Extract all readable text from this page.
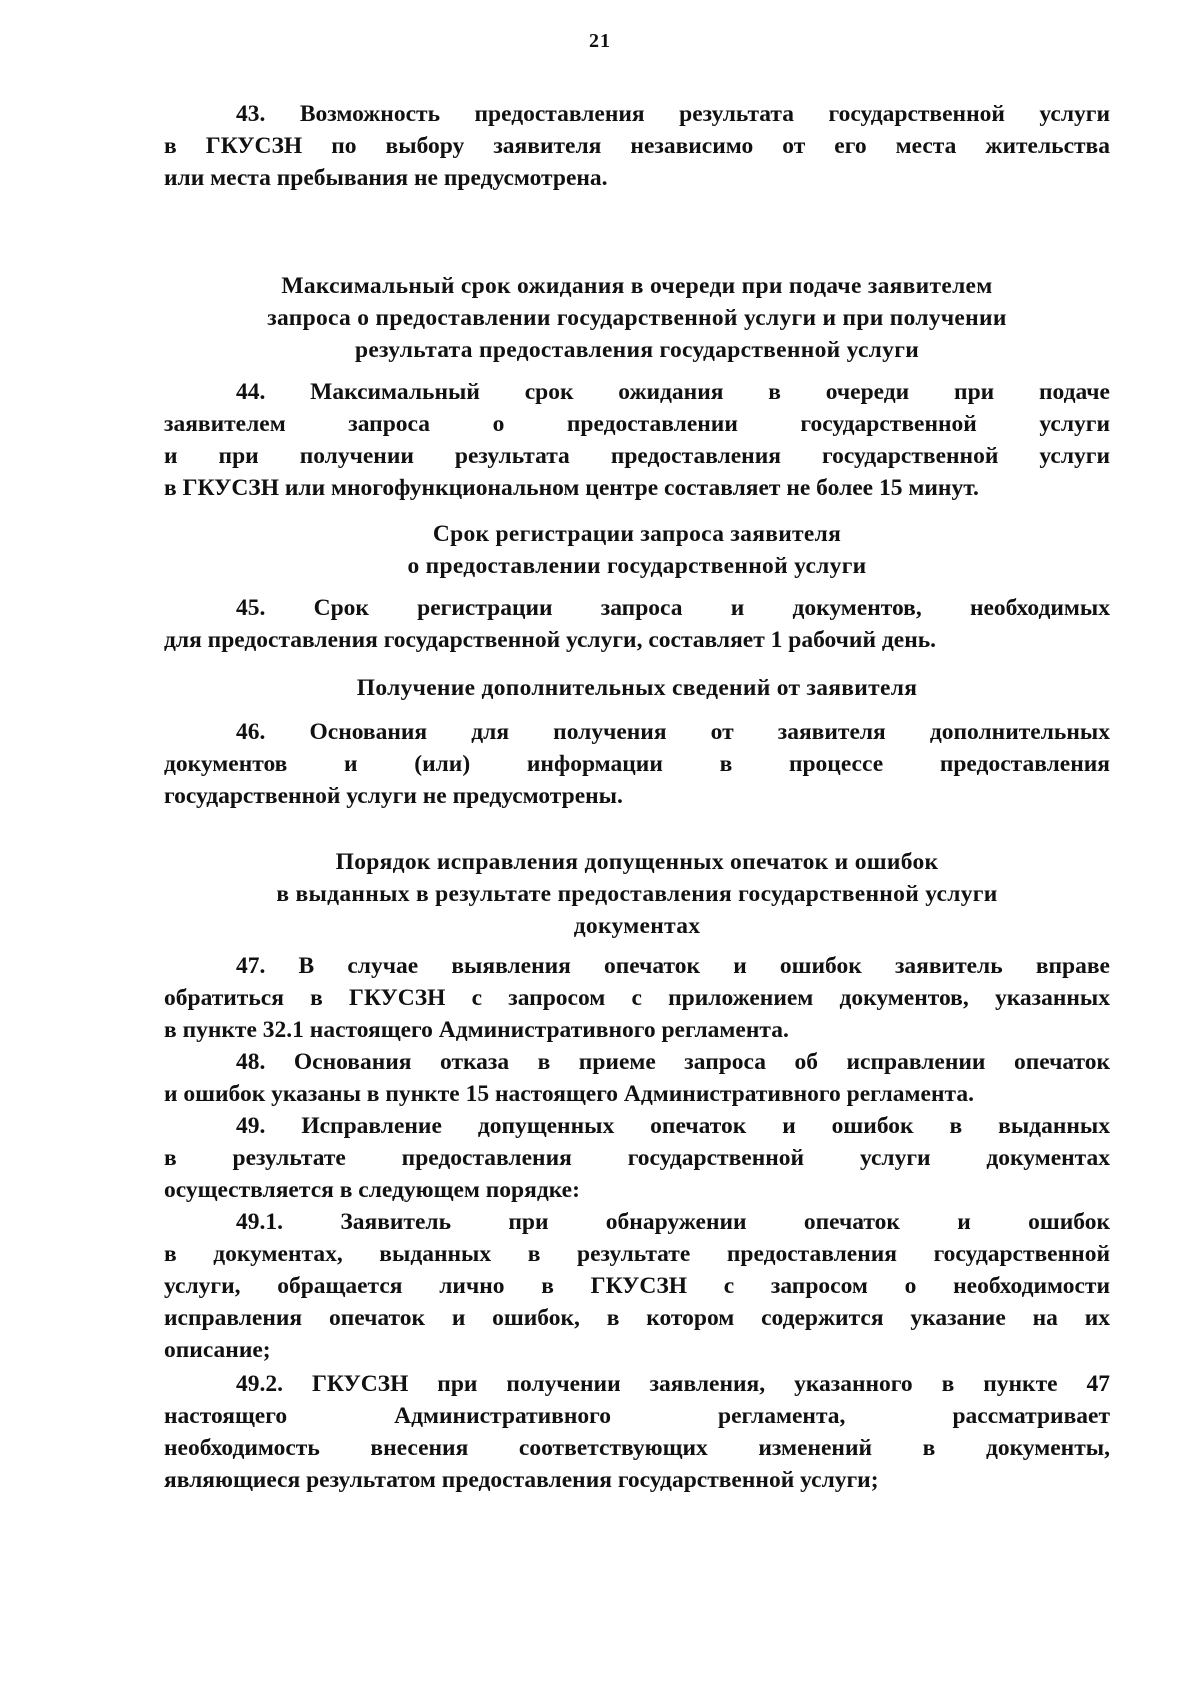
21
43. Возможность предоставления результата государственной услуги
в ГКУСЗН по выбору заявителя независимо от его места жительства
или места пребывания не предусмотрена.
Максимальный срок ожидания в очереди при подаче заявителем
запроса о предоставлении государственной услуги и при получении
результата предоставления государственной услуги
44. Максимальный срок ожидания в очереди при подаче
заявителем запроса о предоставлении государственной услуги
и при получении результата предоставления государственной услуги
в ГКУСЗН или многофункциональном центре составляет не более 15 минут.
Срок регистрации запроса заявителя
о предоставлении государственной услуги
45. Срок регистрации запроса и документов, необходимых
для предоставления государственной услуги, составляет 1 рабочий день.
Получение дополнительных сведений от заявителя
46. Основания для получения от заявителя дополнительных
документов и (или) информации в процессе предоставления
государственной услуги не предусмотрены.
Порядок исправления допущенных опечаток и ошибок
в выданных в результате предоставления государственной услуги
документах
47. В случае выявления опечаток и ошибок заявитель вправе
обратиться в ГКУСЗН с запросом с приложением документов, указанных
в пункте 32.1 настоящего Административного регламента.
48. Основания отказа в приеме запроса об исправлении опечаток
и ошибок указаны в пункте 15 настоящего Административного регламента.
49. Исправление допущенных опечаток и ошибок в выданных
в результате предоставления государственной услуги документах
осуществляется в следующем порядке:
49.1. Заявитель при обнаружении опечаток и ошибок
в документах, выданных в результате предоставления государственной
услуги, обращается лично в ГКУСЗН с запросом о необходимости
исправления опечаток и ошибок, в котором содержится указание на их
описание;
49.2. ГКУСЗН при получении заявления, указанного в пункте 47
настоящего Административного регламента, рассматривает
необходимость внесения соответствующих изменений в документы,
являющиеся результатом предоставления государственной услуги;
